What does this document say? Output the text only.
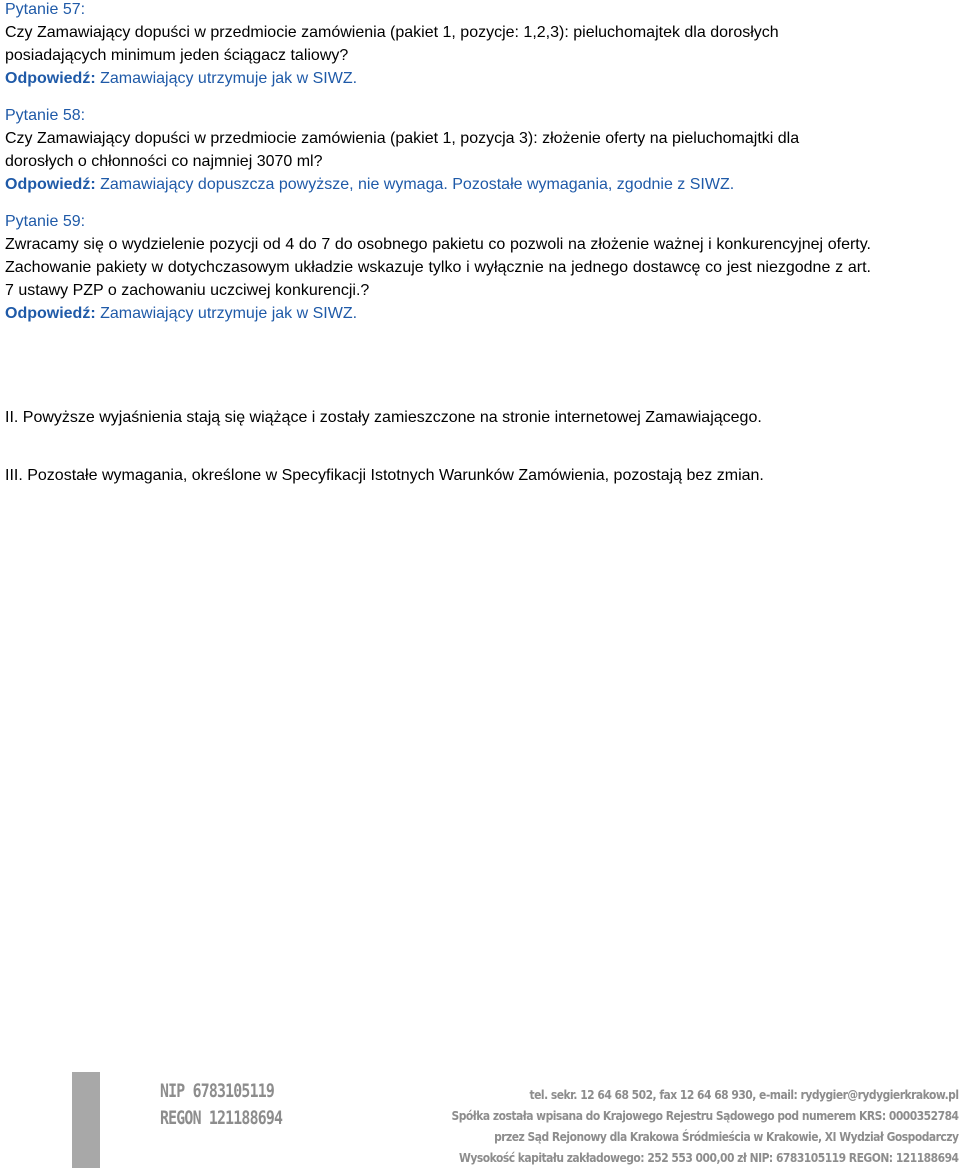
Pytanie 57:
Czy Zamawiający dopuści w przedmiocie zamówienia (pakiet 1, pozycje: 1,2,3): pieluchomajtek dla dorosłych posiadających minimum jeden ściągacz taliowy?
Odpowiedź: Zamawiający utrzymuje jak w SIWZ.
Pytanie 58:
Czy Zamawiający dopuści w przedmiocie zamówienia (pakiet 1, pozycja 3): złożenie oferty na pieluchomajtki dla dorosłych o chłonności co najmniej 3070 ml?
Odpowiedź: Zamawiający dopuszcza powyższe, nie wymaga. Pozostałe wymagania, zgodnie z SIWZ.
Pytanie 59:
Zwracamy się o wydzielenie pozycji od 4 do 7 do osobnego pakietu co pozwoli na złożenie ważnej i konkurencyjnej oferty. Zachowanie pakiety w dotychczasowym układzie wskazuje tylko i wyłącznie na jednego dostawcę co jest niezgodne z art. 7 ustawy PZP o zachowaniu uczciwej konkurencji.?
Odpowiedź: Zamawiający utrzymuje jak w SIWZ.
II. Powyższe wyjaśnienia stają się wiążące i zostały zamieszczone na stronie internetowej Zamawiającego.
III. Pozostałe wymagania, określone w Specyfikacji Istotnych Warunków Zamówienia, pozostają bez zmian.
NIP 6783105119
REGON 121188694
tel. sekr. 12 64 68 502, fax 12 64 68 930, e-mail: rydygier@rydygierkrakow.pl
Spółka została wpisana do Krajowego Rejestru Sądowego pod numerem KRS: 0000352784
przez Sąd Rejonowy dla Krakowa Śródmieścia w Krakowie, XI Wydział Gospodarczy
Wysokość kapitału zakładowego: 252 553 000,00 zł NIP: 6783105119 REGON: 121188694
